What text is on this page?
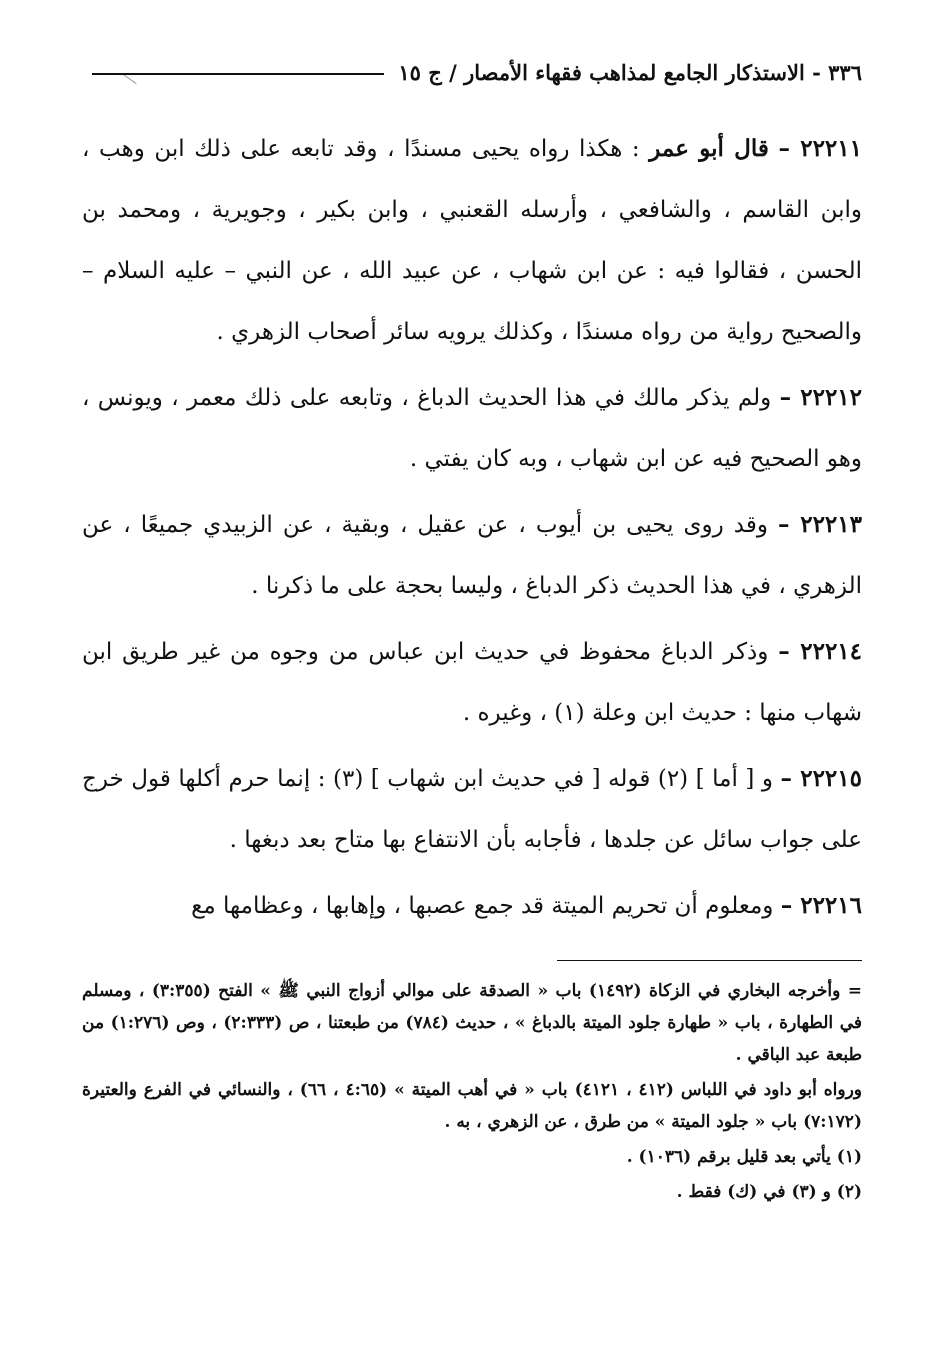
٣٣٦ - الاستذكار الجامع لمذاهب فقهاء الأمصار / ج ١٥

٢٢٢١١ – قال أبو عمر : هكذا رواه يحيى مسندًا ، وقد تابعه على ذلك ابن وهب ، وابن القاسم ، والشافعي ، وأرسله القعنبي ، وابن بكير ، وجويرية ، ومحمد بن الحسن ، فقالوا فيه : عن ابن شهاب ، عن عبيد الله ، عن النبي – عليه السلام – والصحيح رواية من رواه مسندًا ، وكذلك يرويه سائر أصحاب الزهري .

٢٢٢١٢ – ولم يذكر مالك في هذا الحديث الدباغ ، وتابعه على ذلك معمر ، ويونس ، وهو الصحيح فيه عن ابن شهاب ، وبه كان يفتي .

٢٢٢١٣ – وقد روى يحيى بن أيوب ، عن عقيل ، وبقية ، عن الزبيدي جميعًا ، عن الزهري ، في هذا الحديث ذكر الدباغ ، وليسا بحجة على ما ذكرنا .

٢٢٢١٤ – وذكر الدباغ محفوظ في حديث ابن عباس من وجوه من غير طريق ابن شهاب منها : حديث ابن وعلة (١) ، وغيره .

٢٢٢١٥ – و [ أما ] (٢) قوله [ في حديث ابن شهاب ] (٣) : إنما حرم أكلها قول خرج على جواب سائل عن جلدها ، فأجابه بأن الانتفاع بها متاح بعد دبغها .

٢٢٢١٦ – ومعلوم أن تحريم الميتة قد جمع عصبها ، وإهابها ، وعظامها مع

= وأخرجه البخاري في الزكاة (١٤٩٢) باب « الصدقة على موالي أزواج النبي ﷺ » الفتح (٣:٣٥٥) ، ومسلم في الطهارة ، باب « طهارة جلود الميتة بالدباغ » ، حديث (٧٨٤) من طبعتنا ، ص (٢:٣٣٣) ، وص (١:٢٧٦) من طبعة عبد الباقي .

ورواه أبو داود في اللباس (٤١٢ ، ٤١٢١) باب « في أهب الميتة » (٤:٦٥ ، ٦٦) ، والنسائي في الفرع والعتيرة (٧:١٧٢) باب « جلود الميتة » من طرق ، عن الزهري ، به .

(١) يأتي بعد قليل برقم (١٠٣٦) .

(٢) و (٣) في (ك) فقط .
